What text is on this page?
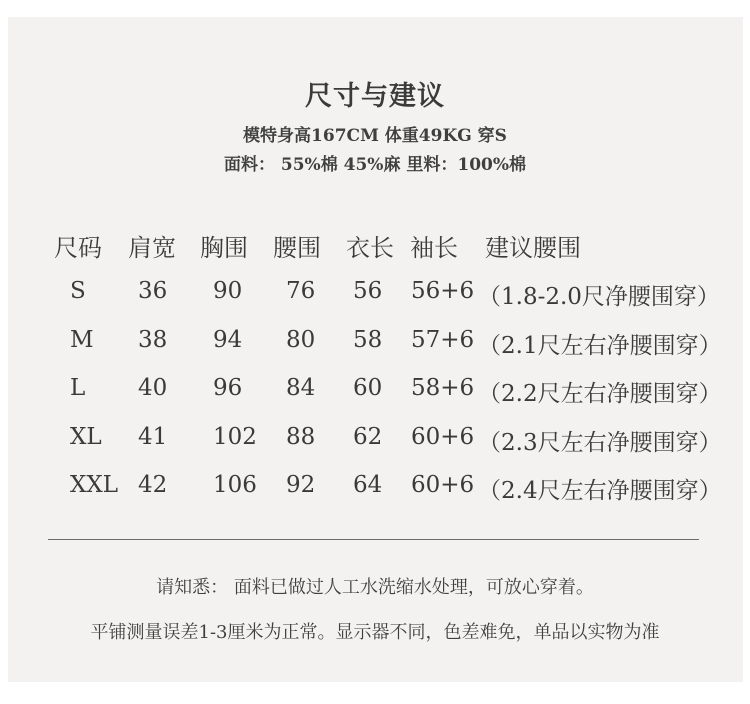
尺寸与建议
模特身高167CM 体重49KG 穿S
面料： 55%棉 45%麻 里料：100%棉
尺码 肩宽 胸围 腰围 衣长 袖长 建议腰围
S 36 90 76 56 56+6 （1.8-2.0尺净腰围穿）
M 38 94 80 58 57+6 （2.1尺左右净腰围穿）
L 40 96 84 60 58+6 （2.2尺左右净腰围穿）
XL 41 102 88 62 60+6 （2.3尺左右净腰围穿）
XXL 42 106 92 64 60+6 （2.4尺左右净腰围穿）
请知悉： 面料已做过人工水洗缩水处理，可放心穿着。
平铺测量误差1-3厘米为正常。显示器不同，色差难免，单品以实物为准
